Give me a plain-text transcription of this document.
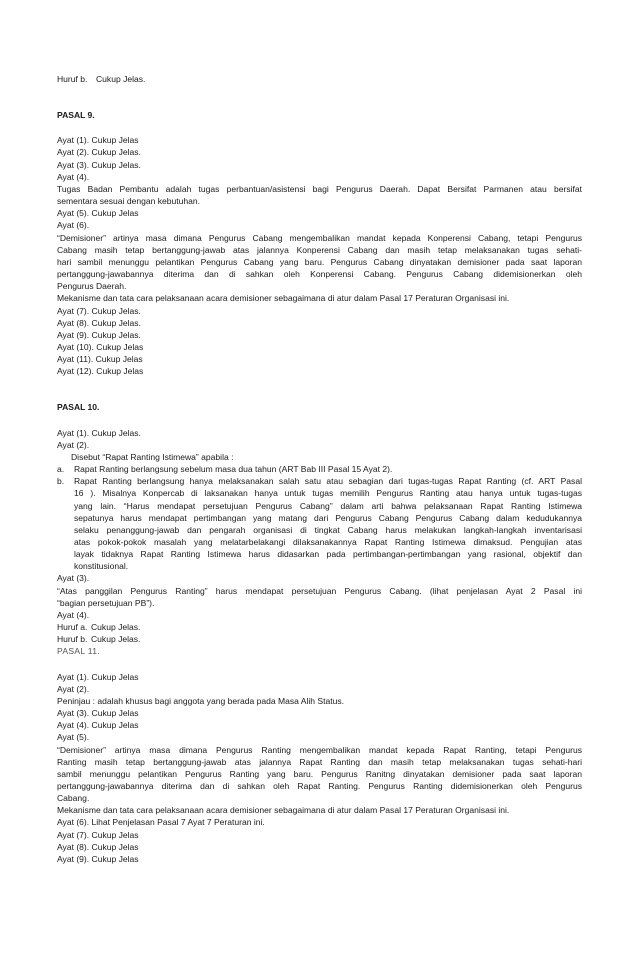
Huruf b. Cukup Jelas.
PASAL 9.
Ayat (1). Cukup Jelas
Ayat (2). Cukup Jelas.
Ayat (3). Cukup Jelas.
Ayat (4).
Tugas Badan Pembantu adalah tugas perbantuan/asistensi bagi Pengurus Daerah. Dapat Bersifat Parmanen atau bersifat
sementara sesuai dengan kebutuhan.
Ayat (5). Cukup Jelas
Ayat (6).
“Demisioner” artinya masa dimana Pengurus Cabang mengembalikan mandat kepada Konperensi Cabang, tetapi Pengurus
Cabang masih tetap bertanggung-jawab atas jalannya Konperensi Cabang dan masih tetap melaksanakan tugas sehati-
hari sambil menunggu pelantikan Pengurus Cabang yang baru. Pengurus Cabang dinyatakan demisioner pada saat laporan
pertanggung-jawabannya diterima dan di sahkan oleh Konperensi Cabang. Pengurus Cabang didemisionerkan oleh
Pengurus Daerah.
Mekanisme dan tata cara pelaksanaan acara demisioner sebagaimana di atur dalam Pasal 17 Peraturan Organisasi ini.
Ayat (7). Cukup Jelas.
Ayat (8). Cukup Jelas.
Ayat (9). Cukup Jelas.
Ayat (10). Cukup Jelas
Ayat (11). Cukup Jelas
Ayat (12). Cukup Jelas
PASAL 10.
Ayat (1). Cukup Jelas.
Ayat (2).
Disebut “Rapat Ranting Istimewa” apabila :
a. Rapat Ranting berlangsung sebelum masa dua tahun (ART Bab III Pasal 15 Ayat 2).
b. Rapat Ranting berlangsung hanya melaksanakan salah satu atau sebagian dari tugas-tugas Rapat Ranting (cf. ART Pasal
16 ). Misalnya Konpercab di laksanakan hanya untuk tugas memilih Pengurus Ranting atau hanya untuk tugas-tugas
yang lain. “Harus mendapat persetujuan Pengurus Cabang” dalam arti bahwa pelaksanaan Rapat Ranting Istimewa
sepatunya harus mendapat pertimbangan yang matang dari Pengurus Cabang Pengurus Cabang dalam kedudukannya
selaku penanggung-jawab dan pengarah organisasi di tingkat Cabang harus melakukan langkah-langkah inventarisasi
atas pokok-pokok masalah yang melatarbelakangi dilaksanakannya Rapat Ranting Istimewa dimaksud. Pengujian atas
layak tidaknya Rapat Ranting Istimewa harus didasarkan pada pertimbangan-pertimbangan yang rasional, objektif dan
konstitusional.
Ayat (3).
“Atas panggilan Pengurus Ranting” harus mendapat persetujuan Pengurus Cabang. (lihat penjelasan Ayat 2 Pasal ini
“bagian persetujuan PB”).
Ayat (4).
Huruf a. Cukup Jelas.
Huruf b. Cukup Jelas.
PASAL 11.
Ayat (1). Cukup Jelas
Ayat (2).
Peninjau : adalah khusus bagi anggota yang berada pada Masa Alih Status.
Ayat (3). Cukup Jelas
Ayat (4). Cukup Jelas
Ayat (5).
“Demisioner” artinya masa dimana Pengurus Ranting mengembalikan mandat kepada Rapat Ranting, tetapi Pengurus
Ranting masih tetap bertanggung-jawab atas jalannya Rapat Ranting dan masih tetap melaksanakan tugas sehati-hari
sambil menunggu pelantikan Pengurus Ranting yang baru. Pengurus Ranitng dinyatakan demisioner pada saat laporan
pertanggung-jawabannya diterima dan di sahkan oleh Rapat Ranting. Pengurus Ranting didemisionerkan oleh Pengurus
Cabang.
Mekanisme dan tata cara pelaksanaan acara demisioner sebagaimana di atur dalam Pasal 17 Peraturan Organisasi ini.
Ayat (6). Lihat Penjelasan Pasal 7 Ayat 7 Peraturan ini.
Ayat (7). Cukup Jelas
Ayat (8). Cukup Jelas
Ayat (9). Cukup Jelas
